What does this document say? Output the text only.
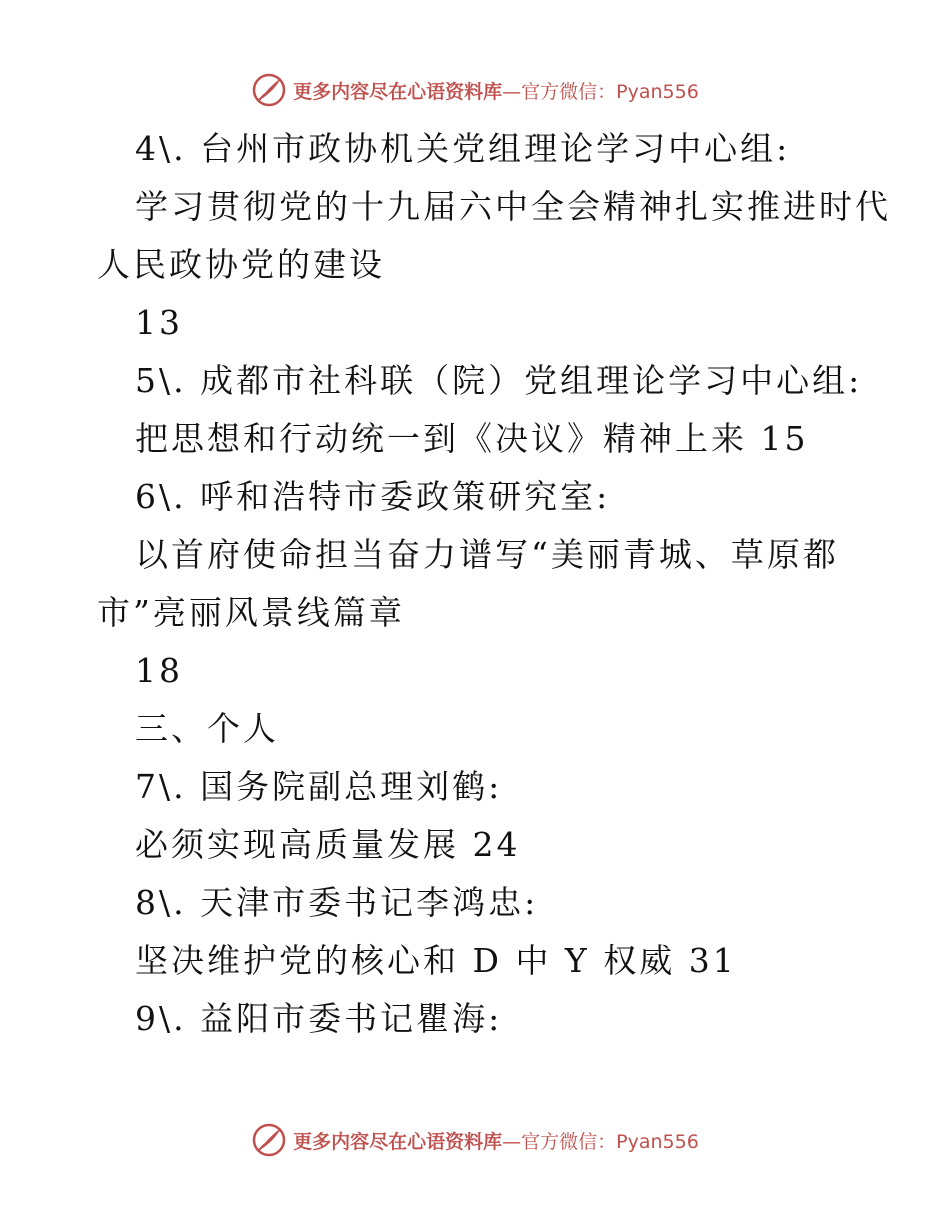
更多内容尽在心语资料库—官方微信：Pyan556
4\. 台州市政协机关党组理论学习中心组:
学习贯彻党的十九届六中全会精神扎实推进时代
人民政协党的建设
13
5\. 成都市社科联（院）党组理论学习中心组:
把思想和行动统一到《决议》精神上来 15
6\. 呼和浩特市委政策研究室:
以首府使命担当奋力谱写“美丽青城、草原都
市”亮丽风景线篇章
18
三、个人
7\. 国务院副总理刘鹤:
必须实现高质量发展 24
8\. 天津市委书记李鸿忠:
坚决维护党的核心和 D 中 Y 权威 31
9\. 益阳市委书记瞿海:
更多内容尽在心语资料库—官方微信：Pyan556
